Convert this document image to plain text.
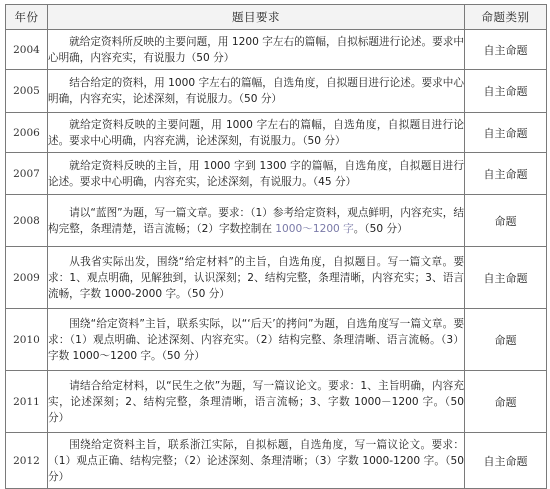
年份	题目要求	命题类别
2004	就给定资料所反映的主要问题，用 1200 字左右的篇幅，自拟标题进行论述。要求中心明确，内容充实，有说服力（50 分）	自主命题
2005	结合给定的资料，用 1000 字左右的篇幅，自选角度，自拟题目进行论述。要求中心明确，内容充实，论述深刻，有说服力。（50 分）	自主命题
2006	就给定资料反映的主要问题，用 1000 字左右的篇幅，自选角度，自拟题目进行论述。要求中心明确，内容充满，论述深刻，有说服力。（50 分）	自主命题
2007	就给定资料反映的主旨，用 1000 字到 1300 字的篇幅，自选角度，自拟题目进行论述。要求中心明确，内容充实，论述深刻，有说服力。（45 分）	自主命题
2008	请以“蓝图”为题，写一篇文章。要求：（1）参考给定资料，观点鲜明，内容充实，结构完整，条理清楚，语言流畅；（2）字数控制在 1000～1200 字。（50 分）	命题
2009	从我省实际出发，围绕“给定材料”的主旨，自选角度，自拟题目。写一篇文章。要求：1、观点明确，见解独到，认识深刻；2、结构完整，条理清晰，内容充实；3、语言流畅，字数 1000-2000 字。（50 分）	自主命题
2010	围绕“给定资料”主旨，联系实际，以“‘后天’的拷问”为题，自选角度写一篇文章。要求：（1）观点明确、论述深刻、内容充实。（2）结构完整、条理清晰、语言流畅。（3）字数 1000～1200 字。（50 分）	命题
2011	请结合给定材料，以“民生之依”为题，写一篇议论文。要求：1、主旨明确，内容充实，论述深刻；2、结构完整，条理清晰，语言流畅；3、字数 1000－1200 字。（50 分）	命题
2012	围绕给定资料主旨，联系浙江实际，自拟标题，自选角度，写一篇议论文。要求：（1）观点正确、结构完整；（2）论述深刻、条理清晰；（3）字数 1000-1200 字。（50 分）	自主命题
